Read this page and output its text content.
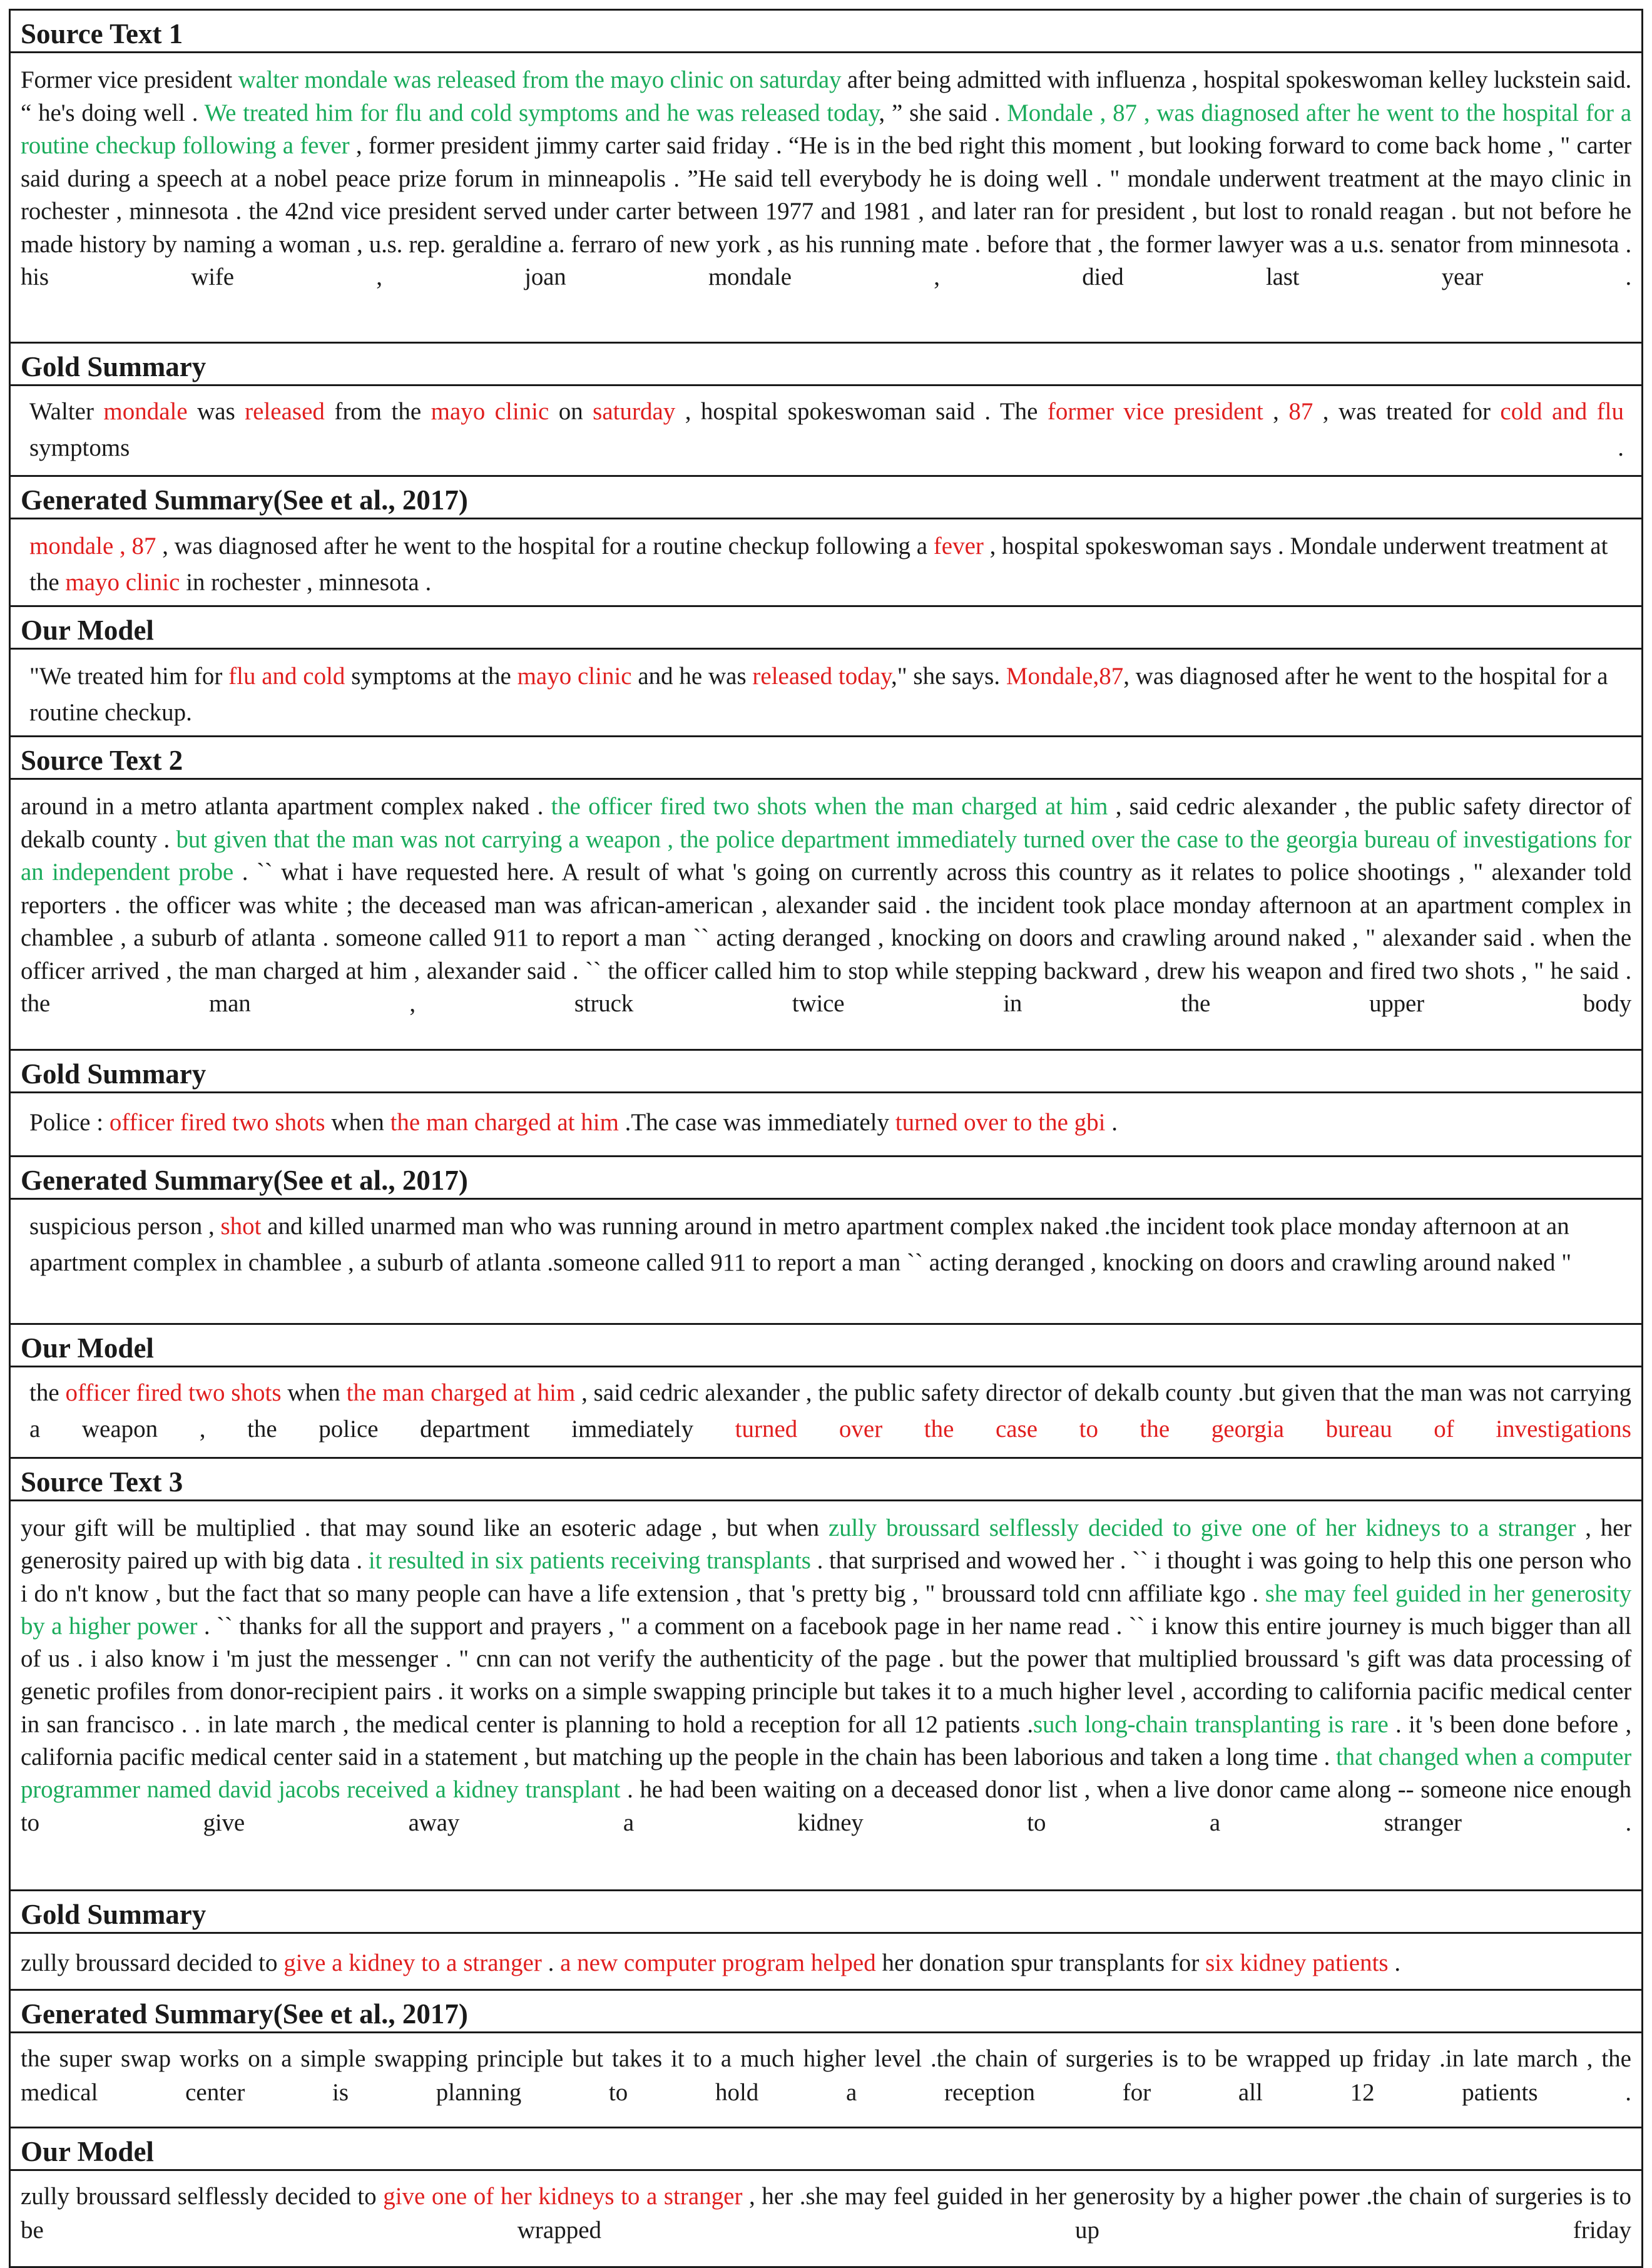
Source Text 1
Former vice president walter mondale was released from the mayo clinic on saturday after being admitted with influenza , hospital spokeswoman kelley luckstein said. “ he's doing well . We treated him for flu and cold symptoms and he was released today, ” she said . Mondale , 87 , was diagnosed after he went to the hospital for a routine checkup following a fever , former president jimmy carter said friday . “He is in the bed right this moment , but looking forward to come back home , " carter said during a speech at a nobel peace prize forum in minneapolis . ”He said tell everybody he is doing well . " mondale underwent treatment at the mayo clinic in rochester , minnesota . the 42nd vice president served under carter between 1977 and 1981 , and later ran for president , but lost to ronald reagan . but not before he made history by naming a woman , u.s. rep. geraldine a. ferraro of new york , as his running mate . before that , the former lawyer was a u.s. senator from minnesota . his wife , joan mondale , died last year .
Gold Summary
Walter mondale was released from the mayo clinic on saturday , hospital spokeswoman said . The former vice president , 87 , was treated for cold and flu symptoms .
Generated Summary(See et al., 2017)
mondale , 87 , was diagnosed after he went to the hospital for a routine checkup following a fever , hospital spokeswoman says . Mondale underwent treatment at the mayo clinic in rochester , minnesota .
Our Model
"We treated him for flu and cold symptoms at the mayo clinic and he was released today," she says. Mondale,87, was diagnosed after he went to the hospital for a routine checkup.
Source Text 2
around in a metro atlanta apartment complex naked . the officer fired two shots when the man charged at him , said cedric alexander , the public safety director of dekalb county . but given that the man was not carrying a weapon , the police department immediately turned over the case to the georgia bureau of investigations for an independent probe . `` what i have requested here. A result of what 's going on currently across this country as it relates to police shootings , " alexander told reporters . the officer was white ; the deceased man was african-american , alexander said . the incident took place monday afternoon at an apartment complex in chamblee , a suburb of atlanta . someone called 911 to report a man `` acting deranged , knocking on doors and crawling around naked , " alexander said . when the officer arrived , the man charged at him , alexander said . `` the officer called him to stop while stepping backward , drew his weapon and fired two shots , " he said . the man , struck twice in the upper body
Gold Summary
Police : officer fired two shots when the man charged at him .The case was immediately turned over to the gbi .
Generated Summary(See et al., 2017)
suspicious person , shot and killed unarmed man who was running around in metro apartment complex naked .the incident took place monday afternoon at an apartment complex in chamblee , a suburb of atlanta .someone called 911 to report a man `` acting deranged , knocking on doors and crawling around naked "
Our Model
the officer fired two shots when the man charged at him , said cedric alexander , the public safety director of dekalb county .but given that the man was not carrying a weapon , the police department immediately turned over the case to the georgia bureau of investigations
Source Text 3
your gift will be multiplied . that may sound like an esoteric adage , but when zully broussard selflessly decided to give one of her kidneys to a stranger , her generosity paired up with big data . it resulted in six patients receiving transplants . that surprised and wowed her . `` i thought i was going to help this one person who i do n't know , but the fact that so many people can have a life extension , that 's pretty big , " broussard told cnn affiliate kgo . she may feel guided in her generosity by a higher power . `` thanks for all the support and prayers , " a comment on a facebook page in her name read . `` i know this entire journey is much bigger than all of us . i also know i 'm just the messenger . " cnn can not verify the authenticity of the page . but the power that multiplied broussard 's gift was data processing of genetic profiles from donor-recipient pairs . it works on a simple swapping principle but takes it to a much higher level , according to california pacific medical center in san francisco . . in late march , the medical center is planning to hold a reception for all 12 patients .such long-chain transplanting is rare . it 's been done before , california pacific medical center said in a statement , but matching up the people in the chain has been laborious and taken a long time . that changed when a computer programmer named david jacobs received a kidney transplant . he had been waiting on a deceased donor list , when a live donor came along -- someone nice enough to give away a kidney to a stranger .
Gold Summary
zully broussard decided to give a kidney to a stranger . a new computer program helped her donation spur transplants for six kidney patients .
Generated Summary(See et al., 2017)
the super swap works on a simple swapping principle but takes it to a much higher level .the chain of surgeries is to be wrapped up friday .in late march , the medical center is planning to hold a reception for all 12 patients .
Our Model
zully broussard selflessly decided to give one of her kidneys to a stranger , her .she may feel guided in her generosity by a higher power .the chain of surgeries is to be wrapped up friday
